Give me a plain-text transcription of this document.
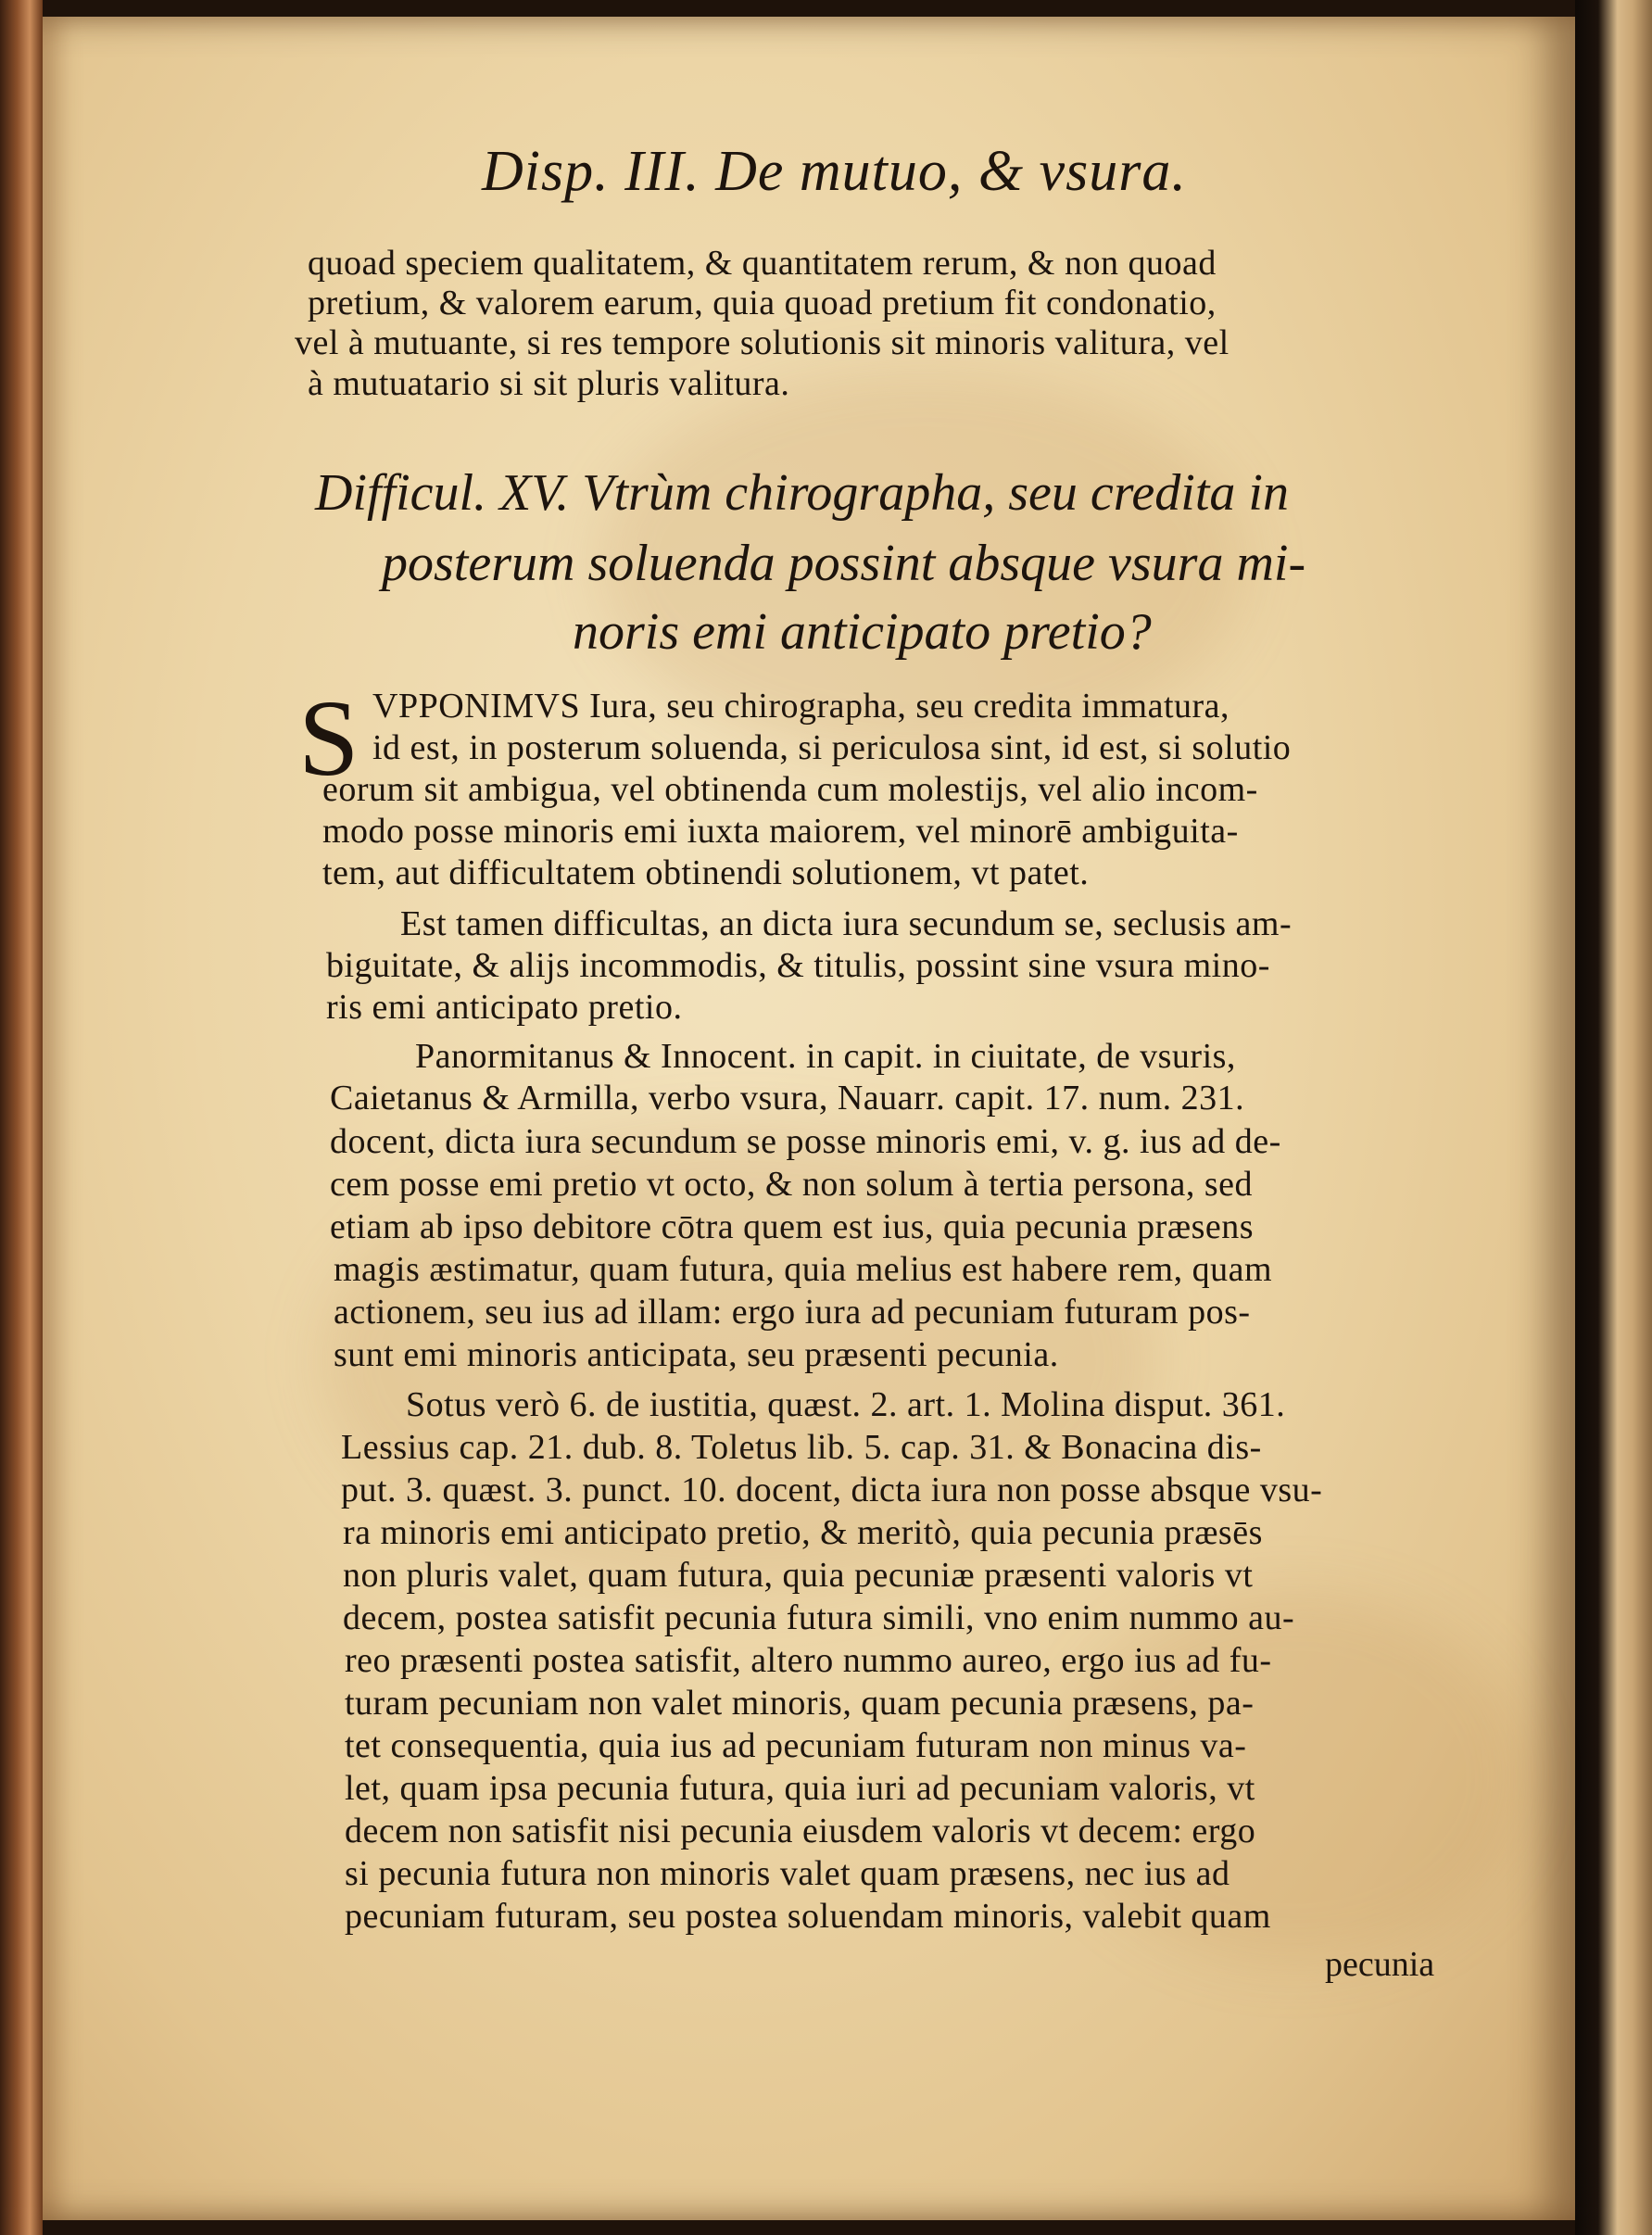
Disp. III. De mutuo, & vsura.
quoad speciem qualitatem, & quantitatem rerum, & non quoad
pretium, & valorem earum, quia quoad pretium fit condonatio,
vel à mutuante, si res tempore solutionis sit minoris valitura, vel
à mutuatario si sit pluris valitura.
Difficul. XV. Vtrùm chirographa, seu credita in
posterum soluenda possint absque vsura mi-
noris emi anticipato pretio?
S VPPONIMVS Iura, seu chirographa, seu credita immatura,
id est, in posterum soluenda, si periculosa sint, id est, si solutio
eorum sit ambigua, vel obtinenda cum molestijs, vel alio incom-
modo posse minoris emi iuxta maiorem, vel minorē ambiguita-
tem, aut difficultatem obtinendi solutionem, vt patet.
Est tamen difficultas, an dicta iura secundum se, seclusis am-
biguitate, & alijs incommodis, & titulis, possint sine vsura mino-
ris emi anticipato pretio.
Panormitanus & Innocent. in capit. in ciuitate, de vsuris,
Caietanus & Armilla, verbo vsura, Nauarr. capit. 17. num. 231.
docent, dicta iura secundum se posse minoris emi, v. g. ius ad de-
cem posse emi pretio vt octo, & non solum à tertia persona, sed
etiam ab ipso debitore cōtra quem est ius, quia pecunia præsens
magis æstimatur, quam futura, quia melius est habere rem, quam
actionem, seu ius ad illam: ergo iura ad pecuniam futuram pos-
sunt emi minoris anticipata, seu præsenti pecunia.
Sotus verò 6. de iustitia, quæst. 2. art. 1. Molina disput. 361.
Lessius cap. 21. dub. 8. Toletus lib. 5. cap. 31. & Bonacina dis-
put. 3. quæst. 3. punct. 10. docent, dicta iura non posse absque vsu-
ra minoris emi anticipato pretio, & meritò, quia pecunia præsēs
non pluris valet, quam futura, quia pecuniæ præsenti valoris vt
decem, postea satisfit pecunia futura simili, vno enim nummo au-
reo præsenti postea satisfit, altero nummo aureo, ergo ius ad fu-
turam pecuniam non valet minoris, quam pecunia præsens, pa-
tet consequentia, quia ius ad pecuniam futuram non minus va-
let, quam ipsa pecunia futura, quia iuri ad pecuniam valoris, vt
decem non satisfit nisi pecunia eiusdem valoris vt decem: ergo
si pecunia futura non minoris valet quam præsens, nec ius ad
pecuniam futuram, seu postea soluendam minoris, valebit quam
pecunia
